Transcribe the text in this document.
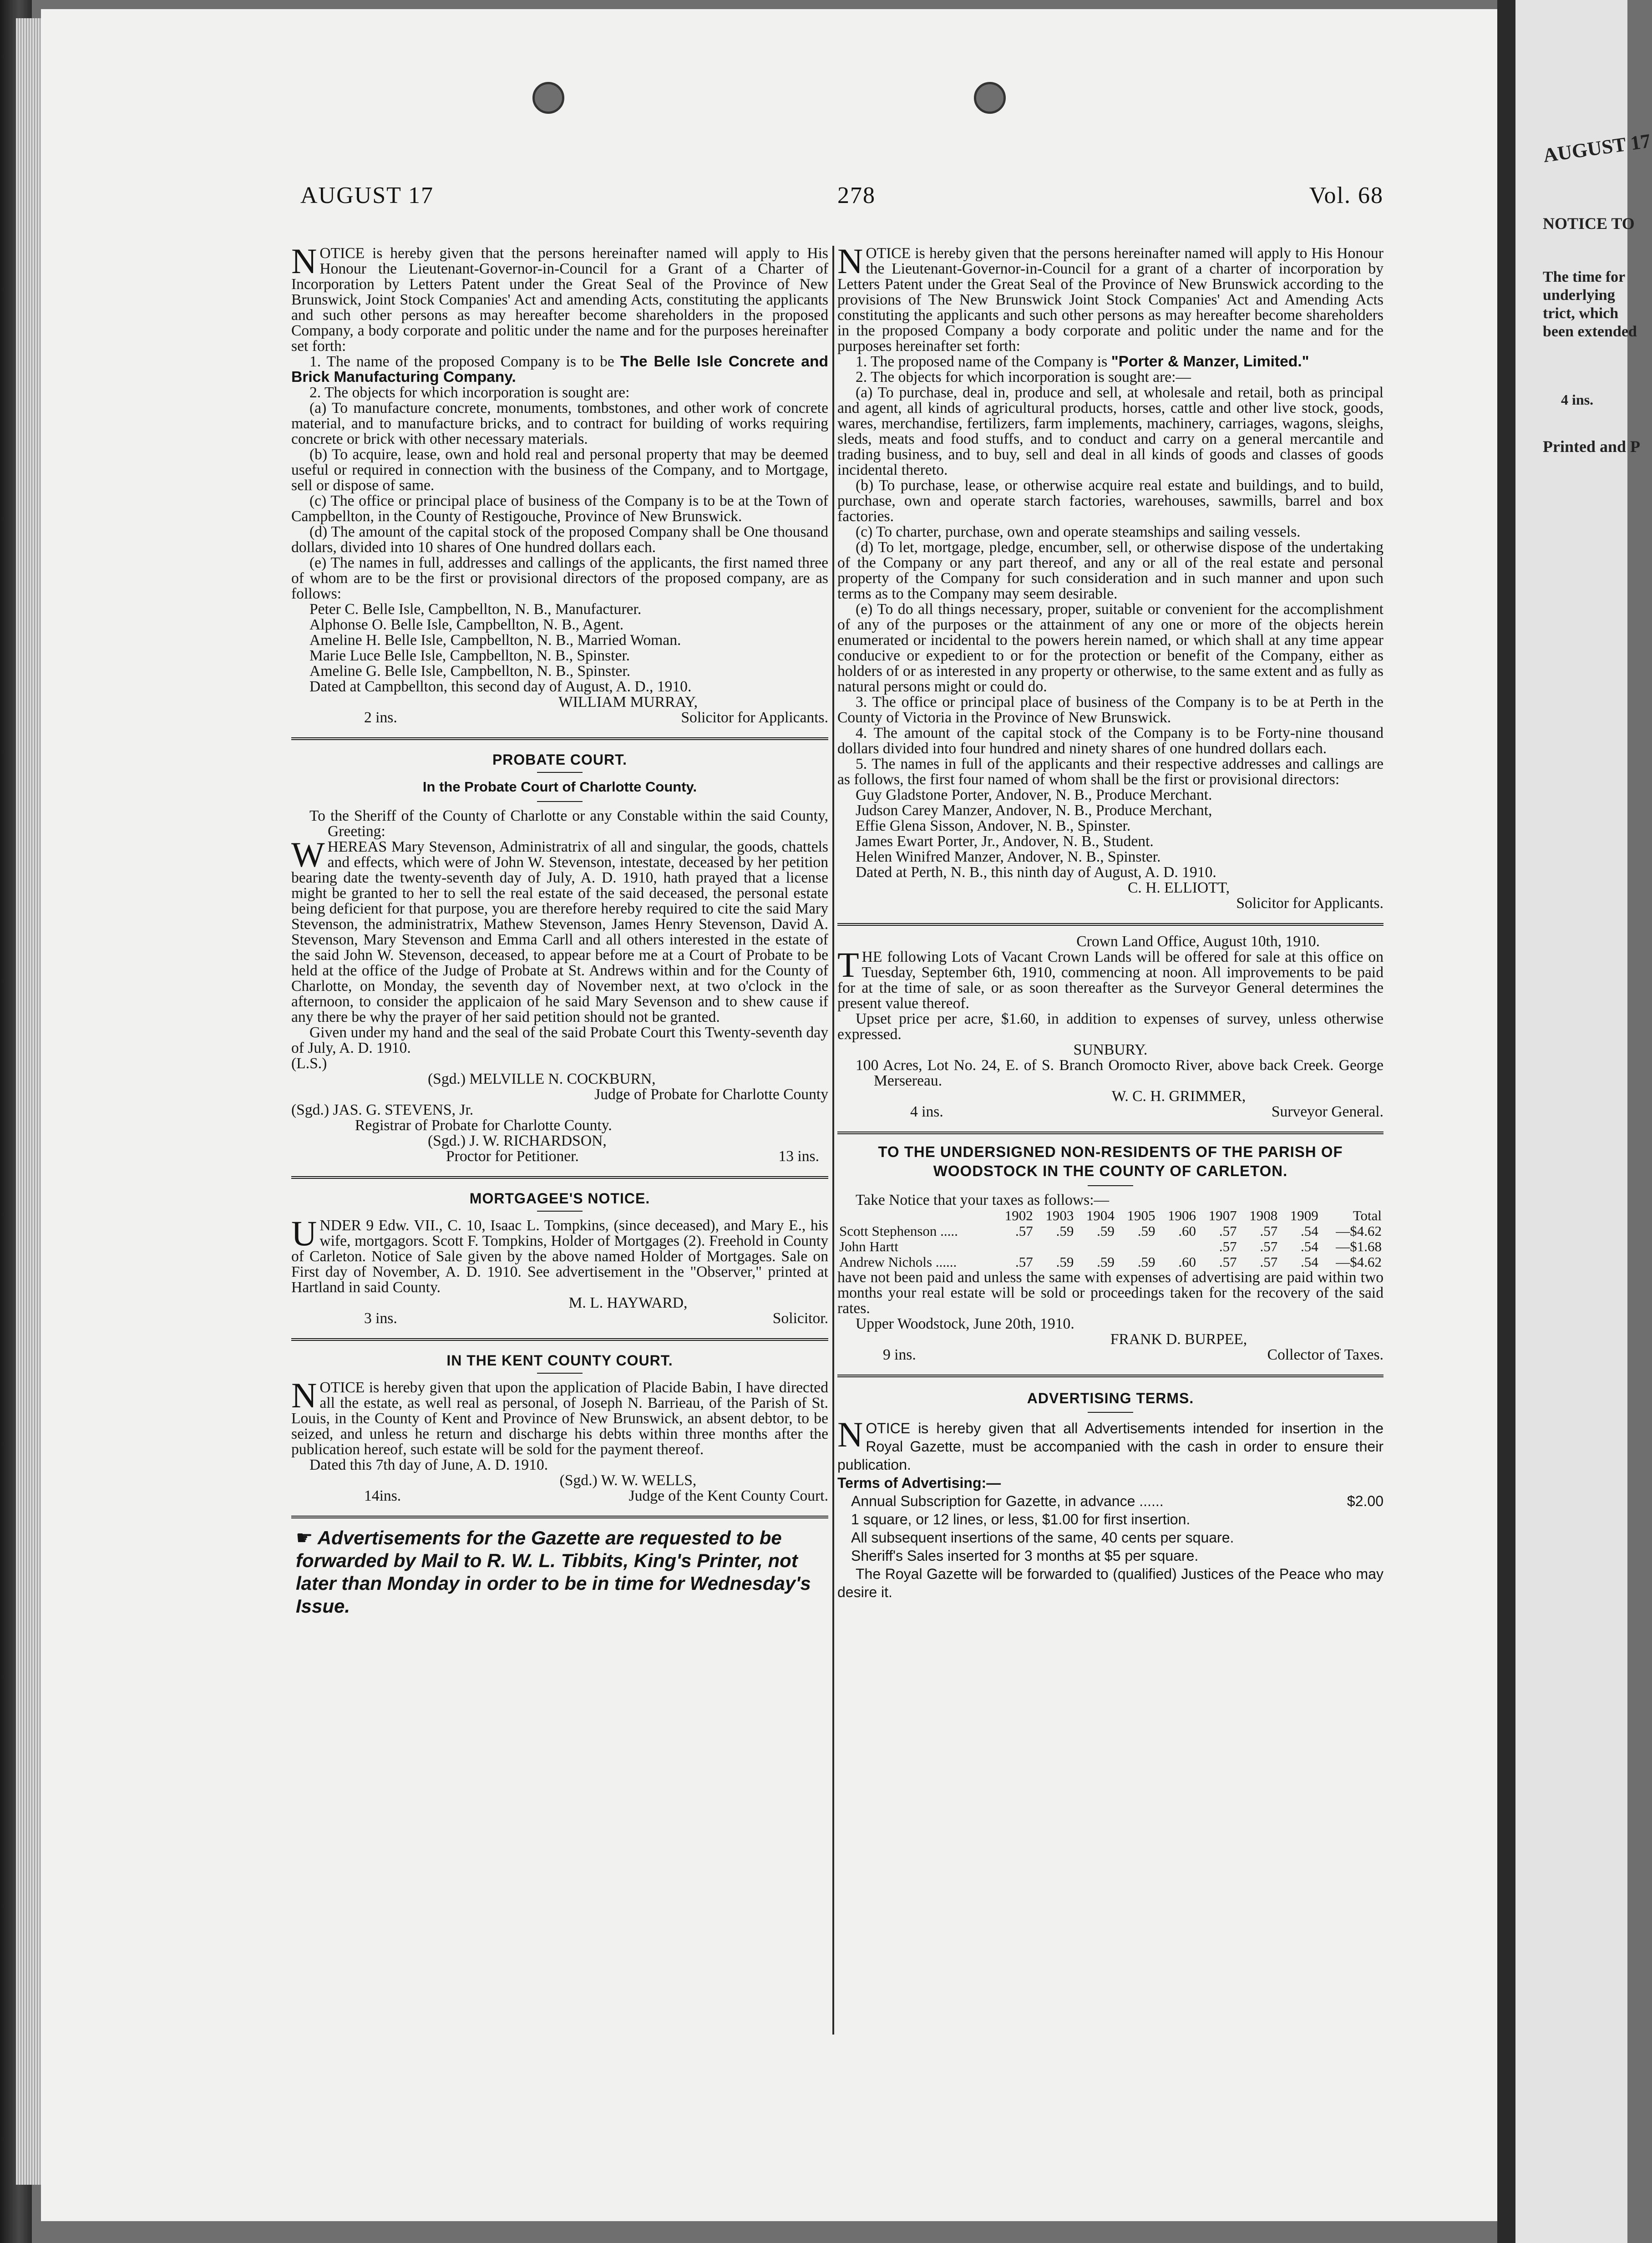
AUGUST 17
NOTICE TO
The time for
underlying
trict, which
been extended
4 ins.
Printed and P
AUGUST 17	278	Vol. 68

NOTICE is hereby given that the persons hereinafter named will apply to His Honour the Lieutenant-Governor-in-Council for a Grant of a Charter of Incorporation by Letters Patent under the Great Seal of the Province of New Brunswick, Joint Stock Companies' Act and amending Acts, constituting the applicants and such other persons as may hereafter become shareholders in the proposed Company, a body corporate and politic under the name and for the purposes hereinafter set forth:

1. The name of the proposed Company is to be The Belle Isle Concrete and Brick Manufacturing Company.

2. The objects for which incorporation is sought are:

(a) To manufacture concrete, monuments, tombstones, and other work of concrete material, and to manufacture bricks, and to contract for building of works requiring concrete or brick with other necessary materials.

(b) To acquire, lease, own and hold real and personal property that may be deemed useful or required in connection with the business of the Company, and to Mortgage, sell or dispose of same.

(c) The office or principal place of business of the Company is to be at the Town of Campbellton, in the County of Restigouche, Province of New Brunswick.

(d) The amount of the capital stock of the proposed Company shall be One thousand dollars, divided into 10 shares of One hundred dollars each.

(e) The names in full, addresses and callings of the applicants, the first named three of whom are to be the first or provisional directors of the proposed company, are as follows:

Peter C. Belle Isle, Campbellton, N. B., Manufacturer.

Alphonse O. Belle Isle, Campbellton, N. B., Agent.

Ameline H. Belle Isle, Campbellton, N. B., Married Woman.

Marie Luce Belle Isle, Campbellton, N. B., Spinster.

Ameline G. Belle Isle, Campbellton, N. B., Spinster.

Dated at Campbellton, this second day of August, A. D., 1910.

WILLIAM MURRAY,

2 ins.	Solicitor for Applicants.
PROBATE COURT.
In the Probate Court of Charlotte County.

To the Sheriff of the County of Charlotte or any Constable within the said County, Greeting:

WHEREAS Mary Stevenson, Administratrix of all and singular, the goods, chattels and effects, which were of John W. Stevenson, intestate, deceased by her petition bearing date the twenty-seventh day of July, A. D. 1910, hath prayed that a license might be granted to her to sell the real estate of the said deceased, the personal estate being deficient for that purpose, you are therefore hereby required to cite the said Mary Stevenson, the administratrix, Mathew Stevenson, James Henry Stevenson, David A. Stevenson, Mary Stevenson and Emma Carll and all others interested in the estate of the said John W. Stevenson, deceased, to appear before me at a Court of Probate to be held at the office of the Judge of Probate at St. Andrews within and for the County of Charlotte, on Monday, the seventh day of November next, at two o'clock in the afternoon, to consider the applicaion of he said Mary Sevenson and to shew cause if any there be why the prayer of her said petition should not be granted.

Given under my hand and the seal of the said Probate Court this Twenty-seventh day of July, A. D. 1910.

(L.S.)

(Sgd.) MELVILLE N. COCKBURN,

Judge of Probate for Charlotte County

(Sgd.) JAS. G. STEVENS, Jr.

Registrar of Probate for Charlotte County.

(Sgd.) J. W. RICHARDSON,

Proctor for Petitioner.	13 ins.
MORTGAGEE'S NOTICE.

UNDER 9 Edw. VII., C. 10, Isaac L. Tompkins, (since deceased), and Mary E., his wife, mortgagors. Scott F. Tompkins, Holder of Mortgages (2). Freehold in County of Carleton. Notice of Sale given by the above named Holder of Mortgages. Sale on First day of November, A. D. 1910. See advertisement in the "Observer," printed at Hartland in said County.

M. L. HAYWARD,

3 ins.	Solicitor.
IN THE KENT COUNTY COURT.

NOTICE is hereby given that upon the application of Placide Babin, I have directed all the estate, as well real as personal, of Joseph N. Barrieau, of the Parish of St. Louis, in the County of Kent and Province of New Brunswick, an absent debtor, to be seized, and unless he return and discharge his debts within three months after the publication hereof, such estate will be sold for the payment thereof.

Dated this 7th day of June, A. D. 1910.

(Sgd.) W. W. WELLS,

14ins.	Judge of the Kent County Court.

☛ Advertisements for the Gazette are requested to be forwarded by Mail to R. W. L. Tibbits, King's Printer, not later than Monday in order to be in time for Wednesday's Issue.

NOTICE is hereby given that the persons hereinafter named will apply to His Honour the Lieutenant-Governor-in-Council for a grant of a charter of incorporation by Letters Patent under the Great Seal of the Province of New Brunswick according to the provisions of The New Brunswick Joint Stock Companies' Act and Amending Acts constituting the applicants and such other persons as may hereafter become shareholders in the proposed Company a body corporate and politic under the name and for the purposes hereinafter set forth:

1. The proposed name of the Company is "Porter & Manzer, Limited."

2. The objects for which incorporation is sought are:—

(a) To purchase, deal in, produce and sell, at wholesale and retail, both as principal and agent, all kinds of agricultural products, horses, cattle and other live stock, goods, wares, merchandise, fertilizers, farm implements, machinery, carriages, wagons, sleighs, sleds, meats and food stuffs, and to conduct and carry on a general mercantile and trading business, and to buy, sell and deal in all kinds of goods and classes of goods incidental thereto.

(b) To purchase, lease, or otherwise acquire real estate and buildings, and to build, purchase, own and operate starch factories, warehouses, sawmills, barrel and box factories.

(c) To charter, purchase, own and operate steamships and sailing vessels.

(d) To let, mortgage, pledge, encumber, sell, or otherwise dispose of the undertaking of the Company or any part thereof, and any or all of the real estate and personal property of the Company for such consideration and in such manner and upon such terms as to the Company may seem desirable.

(e) To do all things necessary, proper, suitable or convenient for the accomplishment of any of the purposes or the attainment of any one or more of the objects herein enumerated or incidental to the powers herein named, or which shall at any time appear conducive or expedient to or for the protection or benefit of the Company, either as holders of or as interested in any property or otherwise, to the same extent and as fully as natural persons might or could do.

3. The office or principal place of business of the Company is to be at Perth in the County of Victoria in the Province of New Brunswick.

4. The amount of the capital stock of the Company is to be Forty-nine thousand dollars divided into four hundred and ninety shares of one hundred dollars each.

5. The names in full of the applicants and their respective addresses and callings are as follows, the first four named of whom shall be the first or provisional directors:

Guy Gladstone Porter, Andover, N. B., Produce Merchant.

Judson Carey Manzer, Andover, N. B., Produce Merchant,

Effie Glena Sisson, Andover, N. B., Spinster.

James Ewart Porter, Jr., Andover, N. B., Student.

Helen Winifred Manzer, Andover, N. B., Spinster.

Dated at Perth, N. B., this ninth day of August, A. D. 1910.

C. H. ELLIOTT,

Solicitor for Applicants.

Crown Land Office, August 10th, 1910.

THE following Lots of Vacant Crown Lands will be offered for sale at this office on Tuesday, September 6th, 1910, commencing at noon. All improvements to be paid for at the time of sale, or as soon thereafter as the Surveyor General determines the present value thereof.

Upset price per acre, $1.60, in addition to expenses of survey, unless otherwise expressed.

SUNBURY.

100 Acres, Lot No. 24, E. of S. Branch Oromocto River, above back Creek. George Mersereau.

W. C. H. GRIMMER,

4 ins.	Surveyor General.
TO THE UNDERSIGNED NON-RESIDENTS OF THE PARISH OF WOODSTOCK IN THE COUNTY OF CARLETON.

Take Notice that your taxes as follows:—

	1902	1903	1904	1905	1906	1907	1908	1909	Total
Scott Stephenson .....	.57	.59	.59	.59	.60	.57	.57	.54	—$4.62
John Hartt						.57	.57	.54	—$1.68
Andrew Nichols ......	.57	.59	.59	.59	.60	.57	.57	.54	—$4.62

have not been paid and unless the same with expenses of advertising are paid within two months your real estate will be sold or proceedings taken for the recovery of the said rates.

Upper Woodstock, June 20th, 1910.

FRANK D. BURPEE,

9 ins.	Collector of Taxes.
ADVERTISING TERMS.

NOTICE is hereby given that all Advertisements intended for insertion in the Royal Gazette, must be accompanied with the cash in order to ensure their publication.

Terms of Advertising:—

Annual Subscription for Gazette, in advance ......	$2.00
1 square, or 12 lines, or less, $1.00 for first insertion.
All subsequent insertions of the same, 40 cents per square.
Sheriff's Sales inserted for 3 months at $5 per square.

The Royal Gazette will be forwarded to (qualified) Justices of the Peace who may desire it.
